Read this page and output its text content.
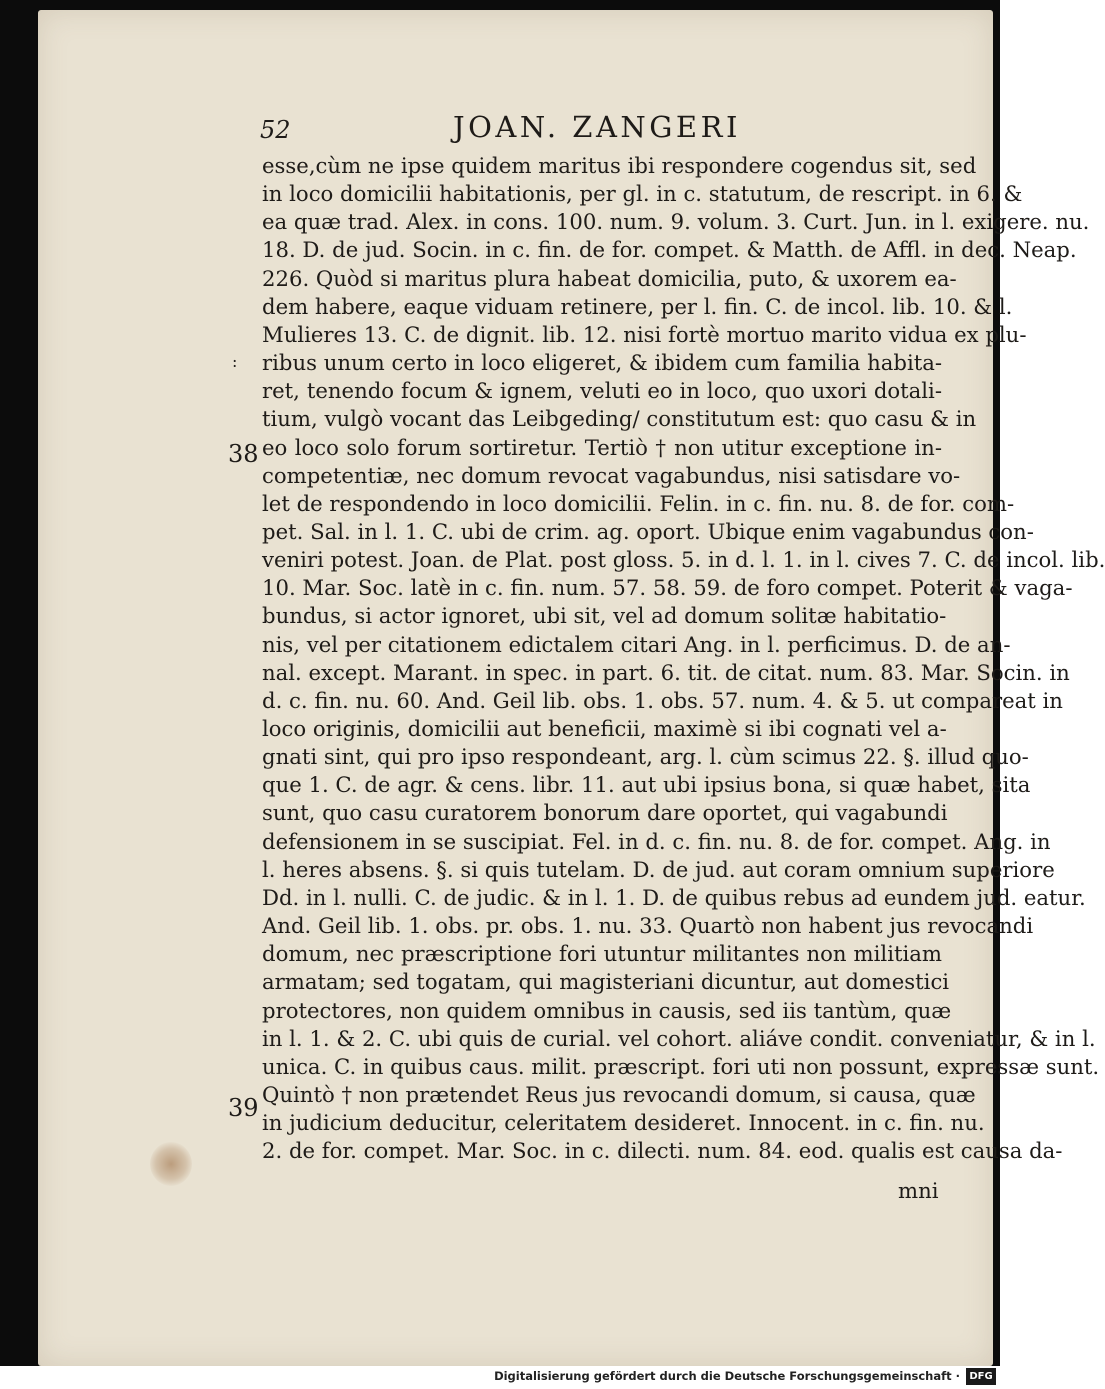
52	JOAN. ZANGERI
:
esse,cùm ne ipse quidem maritus ibi respondere cogendus sit, sed
in loco domicilii habitationis, per gl. in c. statutum, de rescript. in 6. &
ea quæ trad. Alex. in cons. 100. num. 9. volum. 3. Curt. Jun. in l. exigere. nu.
18. D. de jud. Socin. in c. fin. de for. compet. & Matth. de Affl. in dec. Neap.
226. Quòd si maritus plura habeat domicilia, puto, & uxorem ea-
dem habere, eaque viduam retinere, per l. fin. C. de incol. lib. 10. & l.
Mulieres 13. C. de dignit. lib. 12. nisi fortè mortuo marito vidua ex plu-
ribus unum certo in loco eligeret, & ibidem cum familia habita-
ret, tenendo focum & ignem, veluti eo in loco, quo uxori dotali-
tium, vulgò vocant das Leibgeding/ constitutum est: quo casu & in
eo loco solo forum sortiretur. Tertiò † non utitur exceptione in-
competentiæ, nec domum revocat vagabundus, nisi satisdare vo-
let de respondendo in loco domicilii. Felin. in c. fin. nu. 8. de for. com-
pet. Sal. in l. 1. C. ubi de crim. ag. oport. Ubique enim vagabundus con-
veniri potest. Joan. de Plat. post gloss. 5. in d. l. 1. in l. cives 7. C. de incol. lib.
10. Mar. Soc. latè in c. fin. num. 57. 58. 59. de foro compet. Poterit & vaga-
bundus, si actor ignoret, ubi sit, vel ad domum solitæ habitatio-
nis, vel per citationem edictalem citari Ang. in l. perficimus. D. de an-
nal. except. Marant. in spec. in part. 6. tit. de citat. num. 83. Mar. Socin. in
d. c. fin. nu. 60. And. Geil lib. obs. 1. obs. 57. num. 4. & 5. ut compareat in
loco originis, domicilii aut beneficii, maximè si ibi cognati vel a-
gnati sint, qui pro ipso respondeant, arg. l. cùm scimus 22. §. illud quo-
que 1. C. de agr. & cens. libr. 11. aut ubi ipsius bona, si quæ habet, sita
sunt, quo casu curatorem bonorum dare oportet, qui vagabundi
defensionem in se suscipiat. Fel. in d. c. fin. nu. 8. de for. compet. Ang. in
l. heres absens. §. si quis tutelam. D. de jud. aut coram omnium superiore
Dd. in l. nulli. C. de judic. & in l. 1. D. de quibus rebus ad eundem jud. eatur.
And. Geil lib. 1. obs. pr. obs. 1. nu. 33. Quartò non habent jus revocandi
domum, nec præscriptione fori utuntur militantes non militiam
armatam; sed togatam, qui magisteriani dicuntur, aut domestici
protectores, non quidem omnibus in causis, sed iis tantùm, quæ
in l. 1. & 2. C. ubi quis de curial. vel cohort. aliáve condit. conveniatur, & in l.
unica. C. in quibus caus. milit. præscript. fori uti non possunt, expressæ sunt.
Quintò † non prætendet Reus jus revocandi domum, si causa, quæ
in judicium deducitur, celeritatem desideret. Innocent. in c. fin. nu.
2. de for. compet. Mar. Soc. in c. dilecti. num. 84. eod. qualis est causa da-
38
39
mni
Digitalisierung gefördert durch die Deutsche Forschungsgemeinschaft · DFG
